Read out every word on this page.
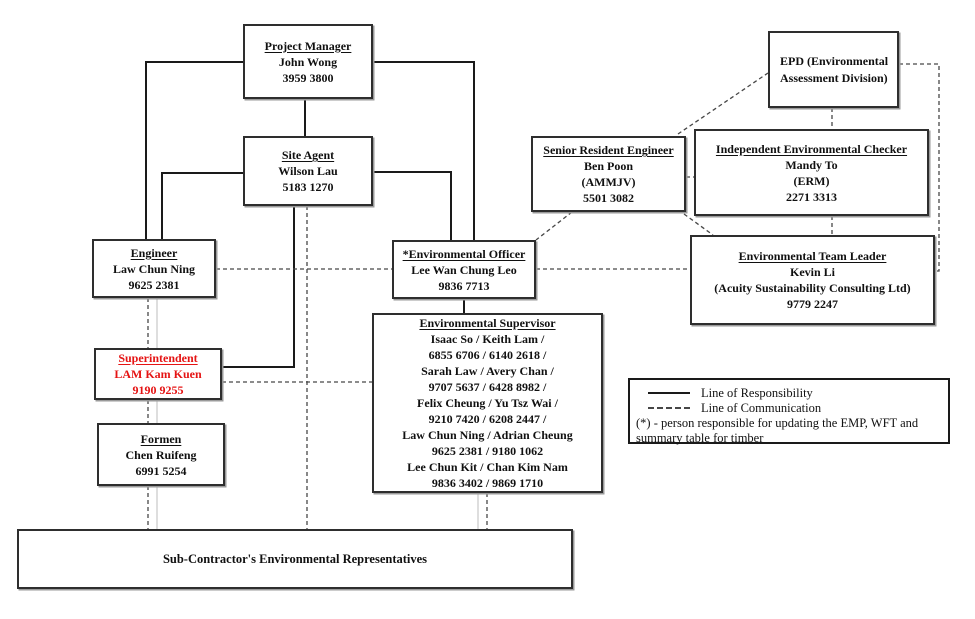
Project Manager
John Wong
3959 3800
Site Agent
Wilson Lau
5183 1270
Engineer
Law Chun Ning
9625 2381
*Environmental Officer
Lee Wan Chung Leo
9836 7713
Environmental Supervisor
Isaac So / Keith Lam /
6855 6706 / 6140 2618 /
Sarah Law / Avery Chan /
9707 5637 / 6428 8982 /
Felix Cheung / Yu Tsz Wai /
9210 7420 / 6208 2447 /
Law Chun Ning / Adrian Cheung
9625 2381 / 9180 1062
Lee Chun Kit / Chan Kim Nam
9836 3402 / 9869 1710
Superintendent
LAM Kam Kuen
9190 9255
Formen
Chen Ruifeng
6991 5254
Sub-Contractor's Environmental Representatives
EPD (Environmental
Assessment Division)
Senior Resident Engineer
Ben Poon
(AMMJV)
5501 3082
Independent Environmental Checker
Mandy To
(ERM)
2271 3313
Environmental Team Leader
Kevin Li
(Acuity Sustainability Consulting Ltd)
9779 2247
Line of Responsibility
Line of Communication
(*) - person responsible for updating the EMP, WFT and
summary table for timber
